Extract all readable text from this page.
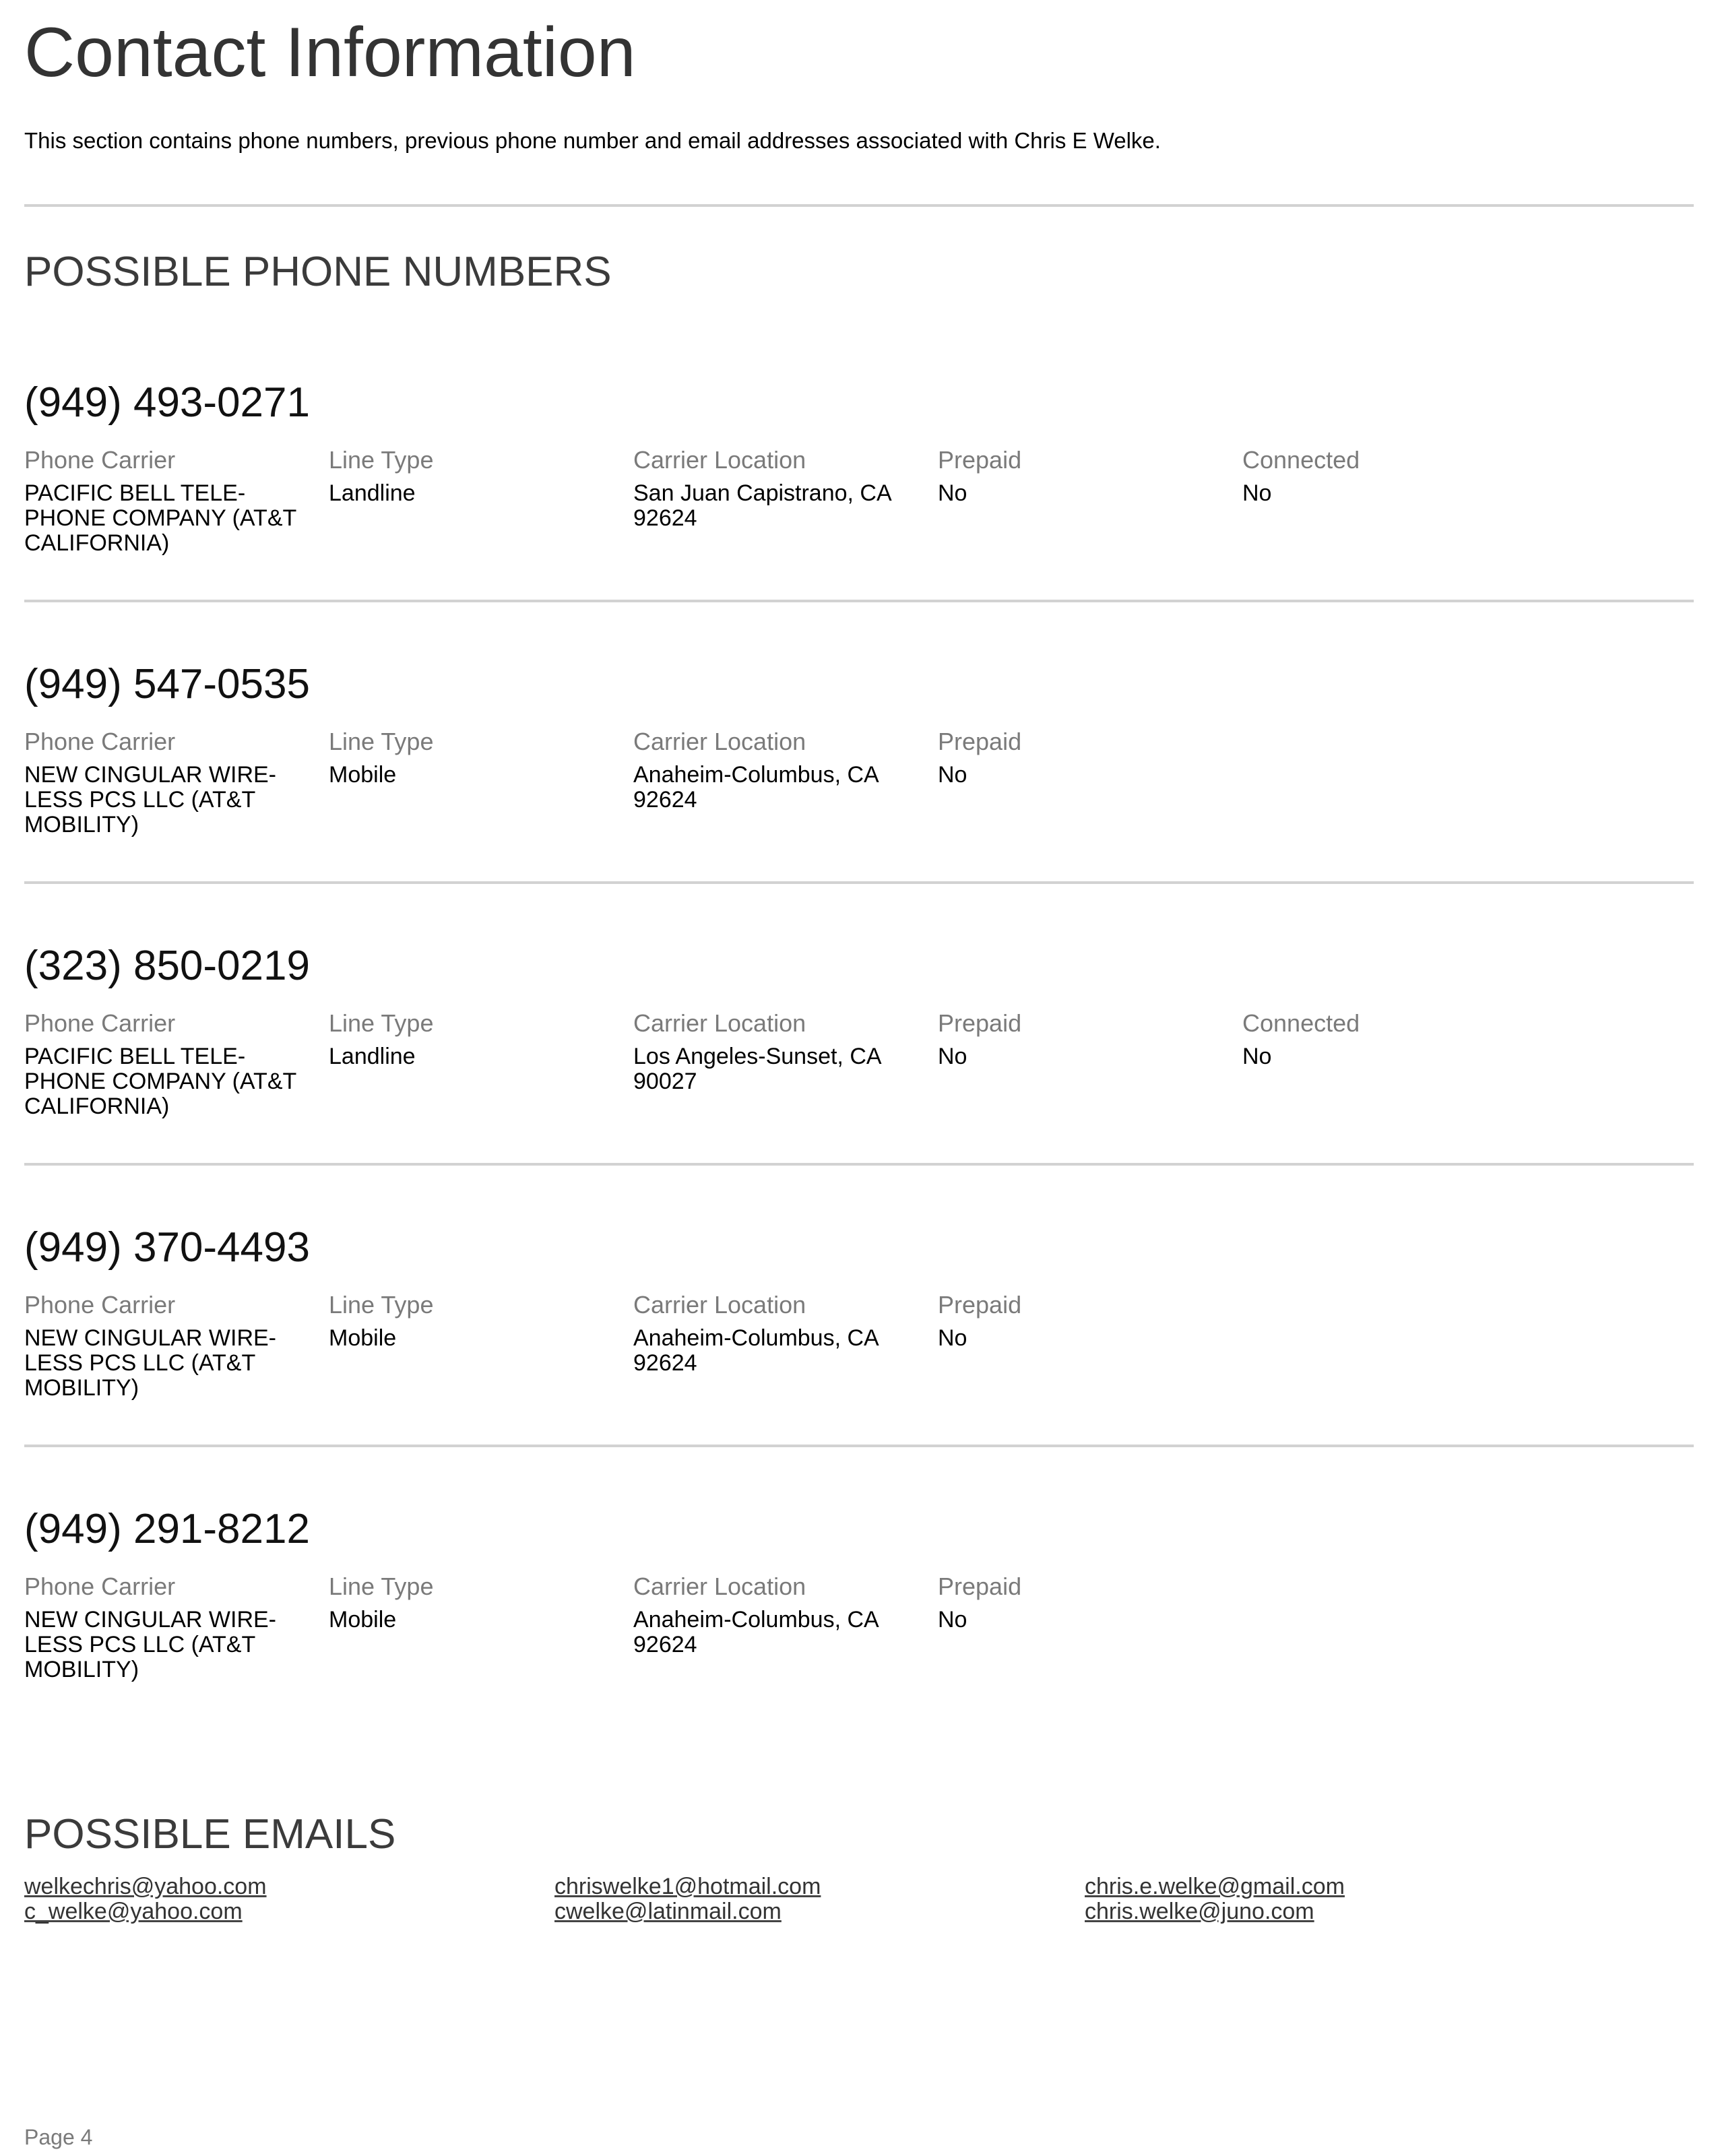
Contact Information
This section contains phone numbers, previous phone number and email addresses associated with Chris E Welke.
POSSIBLE PHONE NUMBERS
(949) 493-0271
Phone Carrier
PACIFIC BELL TELE- PHONE COMPANY (AT&T CALIFORNIA)
Line Type
Landline
Carrier Location
San Juan Capistrano, CA 92624
Prepaid
No
Connected
No
(949) 547-0535
Phone Carrier
NEW CINGULAR WIRE- LESS PCS LLC (AT&T MOBILITY)
Line Type
Mobile
Carrier Location
Anaheim-Columbus, CA 92624
Prepaid
No
(323) 850-0219
Phone Carrier
PACIFIC BELL TELE- PHONE COMPANY (AT&T CALIFORNIA)
Line Type
Landline
Carrier Location
Los Angeles-Sunset, CA 90027
Prepaid
No
Connected
No
(949) 370-4493
Phone Carrier
NEW CINGULAR WIRE- LESS PCS LLC (AT&T MOBILITY)
Line Type
Mobile
Carrier Location
Anaheim-Columbus, CA 92624
Prepaid
No
(949) 291-8212
Phone Carrier
NEW CINGULAR WIRE- LESS PCS LLC (AT&T MOBILITY)
Line Type
Mobile
Carrier Location
Anaheim-Columbus, CA 92624
Prepaid
No
POSSIBLE EMAILS
welkechris@yahoo.com
c_welke@yahoo.com
chriswelke1@hotmail.com
cwelke@latinmail.com
chris.e.welke@gmail.com
chris.welke@juno.com
Page 4
